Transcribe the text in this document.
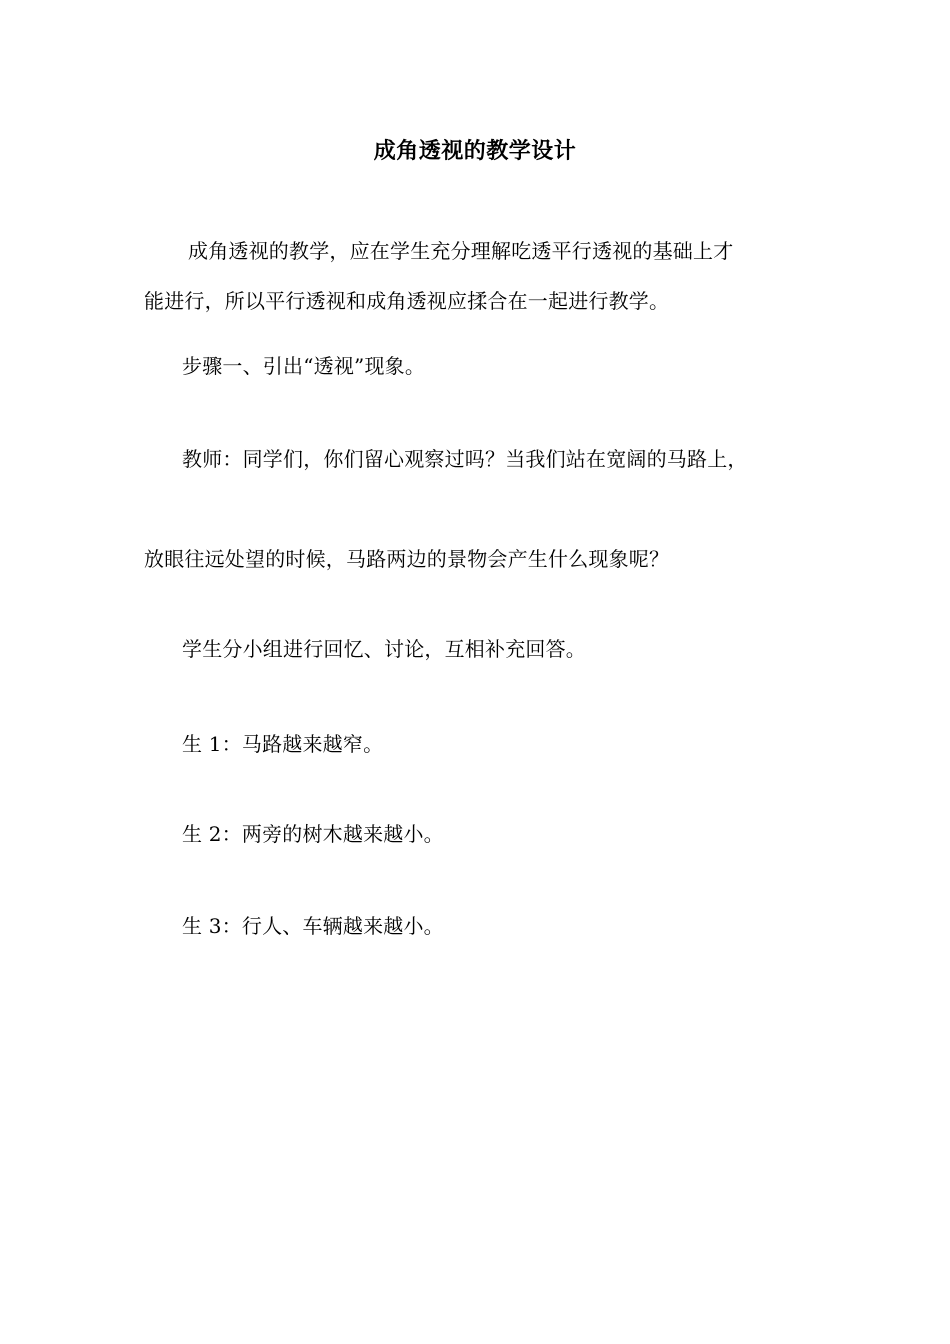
成角透视的教学设计
成角透视的教学，应在学生充分理解吃透平行透视的基础上才
能进行，所以平行透视和成角透视应揉合在一起进行教学。
步骤一、引出“透视”现象。
教师：同学们，你们留心观察过吗？当我们站在宽阔的马路上，
放眼往远处望的时候，马路两边的景物会产生什么现象呢？
学生分小组进行回忆、讨论，互相补充回答。
生 1：马路越来越窄。
生 2：两旁的树木越来越小。
生 3：行人、车辆越来越小。
